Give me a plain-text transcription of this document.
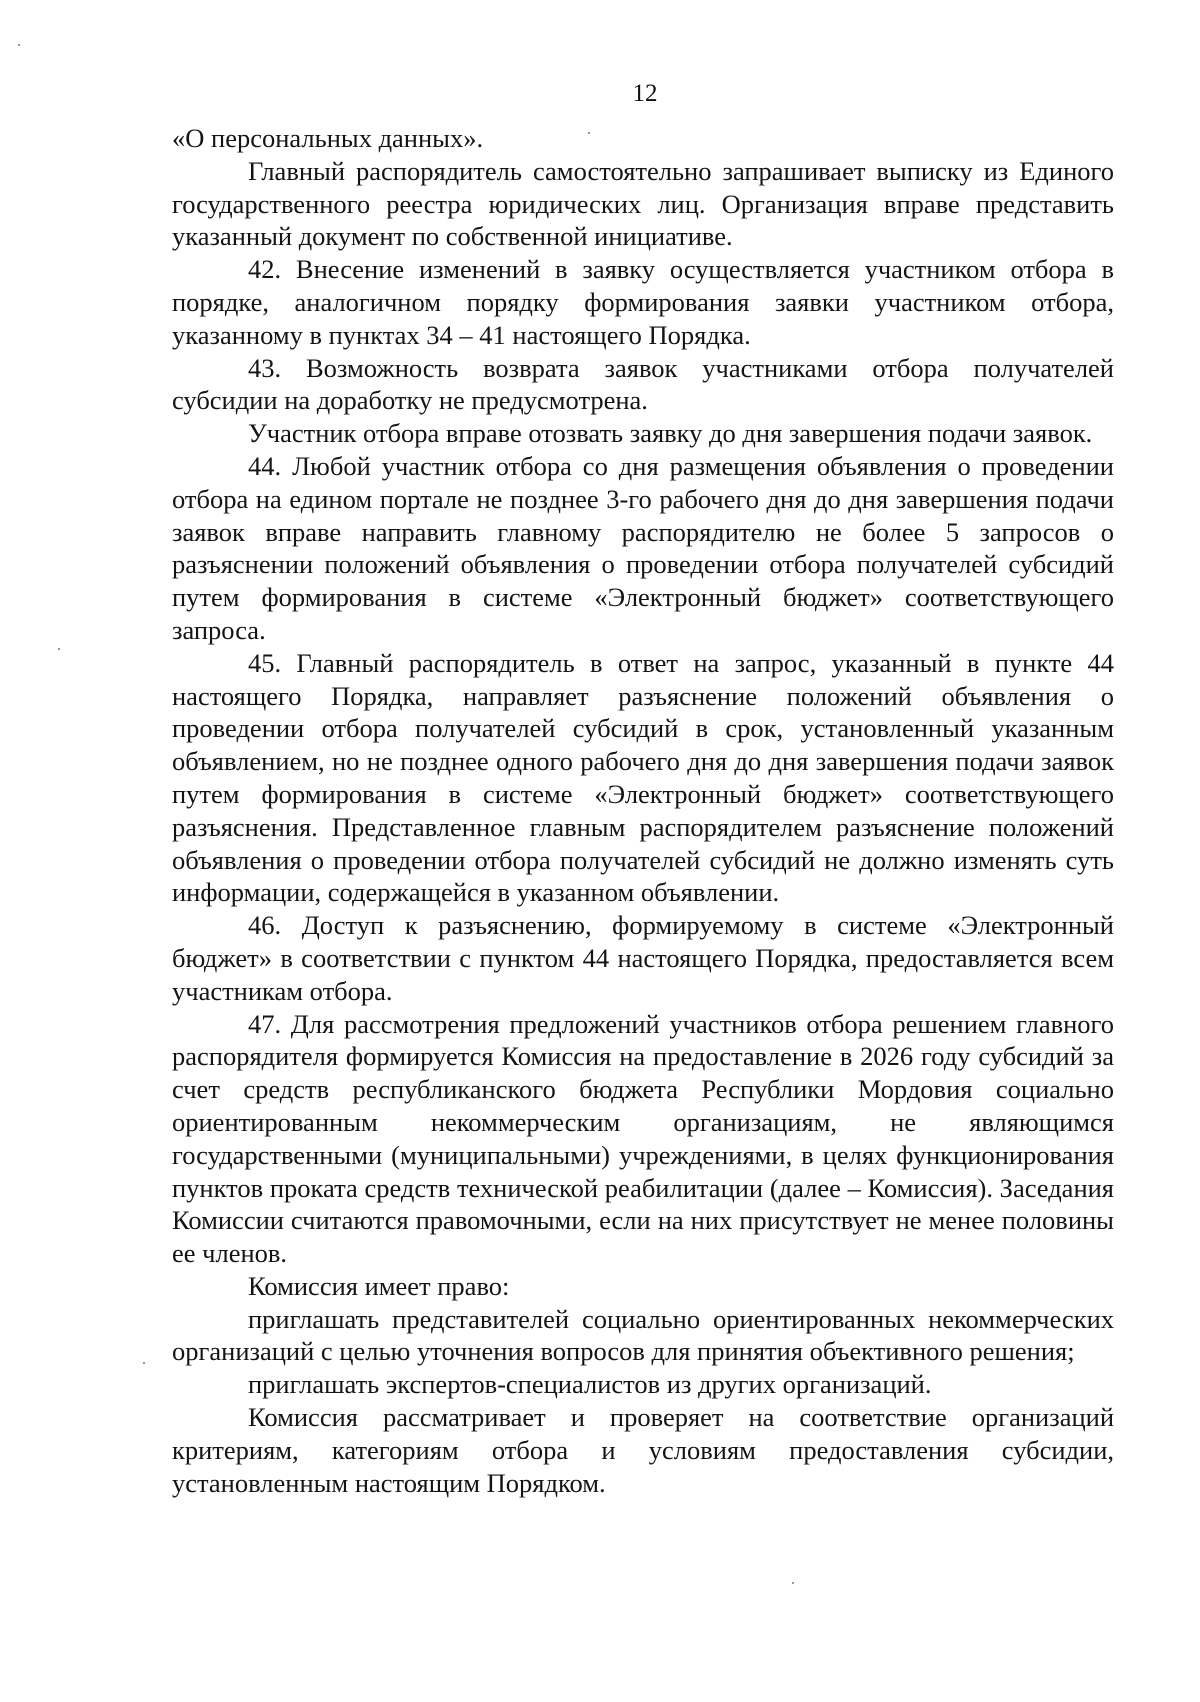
12

«О персональных данных».

Главный распорядитель самостоятельно запрашивает выписку из Единого государственного реестра юридических лиц. Организация вправе представить указанный документ по собственной инициативе.

42. Внесение изменений в заявку осуществляется участником отбора в порядке, аналогичном порядку формирования заявки участником отбора, указанному в пунктах 34 – 41 настоящего Порядка.

43. Возможность возврата заявок участниками отбора получателей субсидии на доработку не предусмотрена.

Участник отбора вправе отозвать заявку до дня завершения подачи заявок.

44. Любой участник отбора со дня размещения объявления о проведении отбора на едином портале не позднее 3-го рабочего дня до дня завершения подачи заявок вправе направить главному распорядителю не более 5 запросов о разъяснении положений объявления о проведении отбора получателей субсидий путем формирования в системе «Электронный бюджет» соответствующего запроса.

45. Главный распорядитель в ответ на запрос, указанный в пункте 44 настоящего Порядка, направляет разъяснение положений объявления о проведении отбора получателей субсидий в срок, установленный указанным объявлением, но не позднее одного рабочего дня до дня завершения подачи заявок путем формирования в системе «Электронный бюджет» соответствующего разъяснения. Представленное главным распорядителем разъяснение положений объявления о проведении отбора получателей субсидий не должно изменять суть информации, содержащейся в указанном объявлении.

46. Доступ к разъяснению, формируемому в системе «Электронный бюджет» в соответствии с пунктом 44 настоящего Порядка, предоставляется всем участникам отбора.

47. Для рассмотрения предложений участников отбора решением главного распорядителя формируется Комиссия на предоставление в 2026 году субсидий за счет средств республиканского бюджета Республики Мордовия социально ориентированным некоммерческим организациям, не являющимся государственными (муниципальными) учреждениями, в целях функционирования пунктов проката средств технической реабилитации (далее – Комиссия). Заседания Комиссии считаются правомочными, если на них присутствует не менее половины ее членов.

Комиссия имеет право:

приглашать представителей социально ориентированных некоммерческих организаций с целью уточнения вопросов для принятия объективного решения;

приглашать экспертов-специалистов из других организаций.

Комиссия рассматривает и проверяет на соответствие организаций критериям, категориям отбора и условиям предоставления субсидии, установленным настоящим Порядком.
